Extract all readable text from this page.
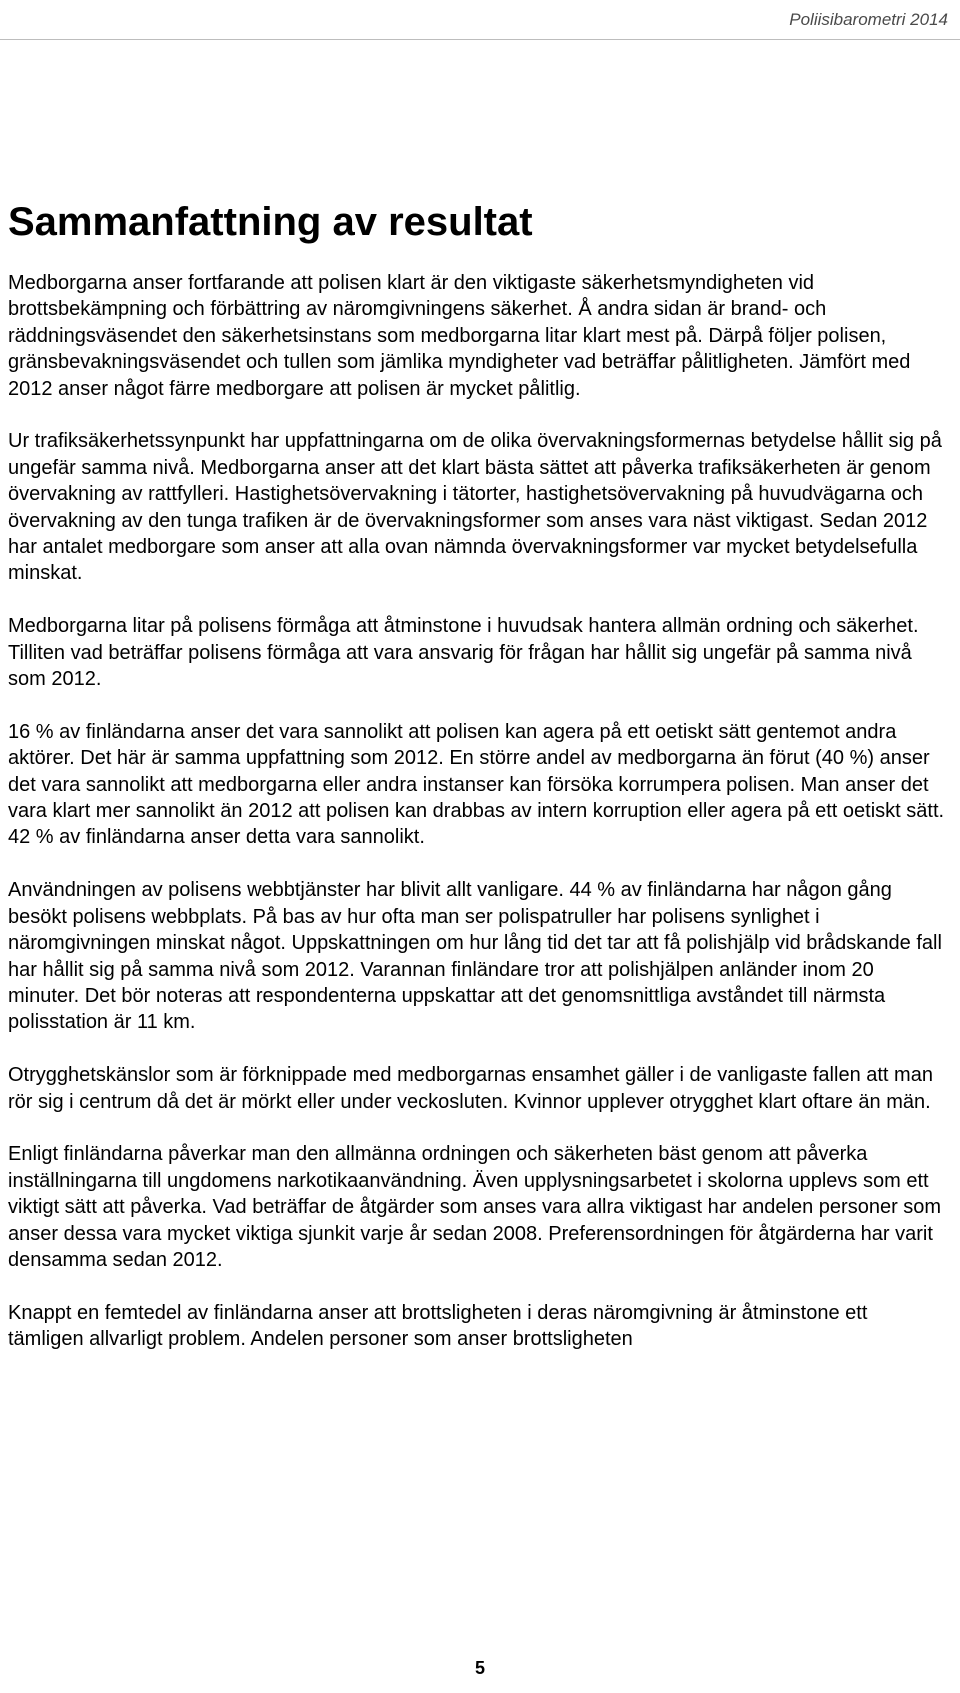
Poliisibarometri 2014
Sammanfattning av resultat

Medborgarna anser fortfarande att polisen klart är den viktigaste säkerhetsmyndigheten vid brottsbekämpning och förbättring av näromgivningens säkerhet. Å andra sidan är brand- och räddningsväsendet den säkerhetsinstans som medborgarna litar klart mest på. Därpå följer polisen, gränsbevakningsväsendet och tullen som jämlika myndigheter vad beträffar pålitligheten. Jämfört med 2012 anser något färre medborgare att polisen är mycket pålitlig.

Ur trafiksäkerhetssynpunkt har uppfattningarna om de olika övervakningsformernas betydelse hållit sig på ungefär samma nivå. Medborgarna anser att det klart bästa sättet att påverka trafiksäkerheten är genom övervakning av rattfylleri. Hastighetsövervakning i tätorter, hastighetsövervakning på huvudvägarna och övervakning av den tunga trafiken är de övervakningsformer som anses vara näst viktigast. Sedan 2012 har antalet medborgare som anser att alla ovan nämnda övervakningsformer var mycket betydelsefulla minskat.

Medborgarna litar på polisens förmåga att åtminstone i huvudsak hantera allmän ordning och säkerhet. Tilliten vad beträffar polisens förmåga att vara ansvarig för frågan har hållit sig ungefär på samma nivå som 2012.

16 % av finländarna anser det vara sannolikt att polisen kan agera på ett oetiskt sätt gentemot andra aktörer. Det här är samma uppfattning som 2012. En större andel av medborgarna än förut (40 %) anser det vara sannolikt att medborgarna eller andra instanser kan försöka korrumpera polisen. Man anser det vara klart mer sannolikt än 2012 att polisen kan drabbas av intern korruption eller agera på ett oetiskt sätt. 42 % av finländarna anser detta vara sannolikt.

Användningen av polisens webbtjänster har blivit allt vanligare. 44 % av finländarna har någon gång besökt polisens webbplats. På bas av hur ofta man ser polispatruller har polisens synlighet i näromgivningen minskat något. Uppskattningen om hur lång tid det tar att få polishjälp vid brådskande fall har hållit sig på samma nivå som 2012. Varannan finländare tror att polishjälpen anländer inom 20 minuter. Det bör noteras att respondenterna uppskattar att det genomsnittliga avståndet till närmsta polisstation är 11 km.

Otrygghetskänslor som är förknippade med medborgarnas ensamhet gäller i de vanligaste fallen att man rör sig i centrum då det är mörkt eller under veckosluten. Kvinnor upplever otrygghet klart oftare än män.

Enligt finländarna påverkar man den allmänna ordningen och säkerheten bäst genom att påverka inställningarna till ungdomens narkotikaanvändning. Även upplysningsarbetet i skolorna upplevs som ett viktigt sätt att påverka. Vad beträffar de åtgärder som anses vara allra viktigast har andelen personer som anser dessa vara mycket viktiga sjunkit varje år sedan 2008. Preferensordningen för åtgärderna har varit densamma sedan 2012.

Knappt en femtedel av finländarna anser att brottsligheten i deras näromgivning är åtminstone ett tämligen allvarligt problem. Andelen personer som anser brottsligheten

5
